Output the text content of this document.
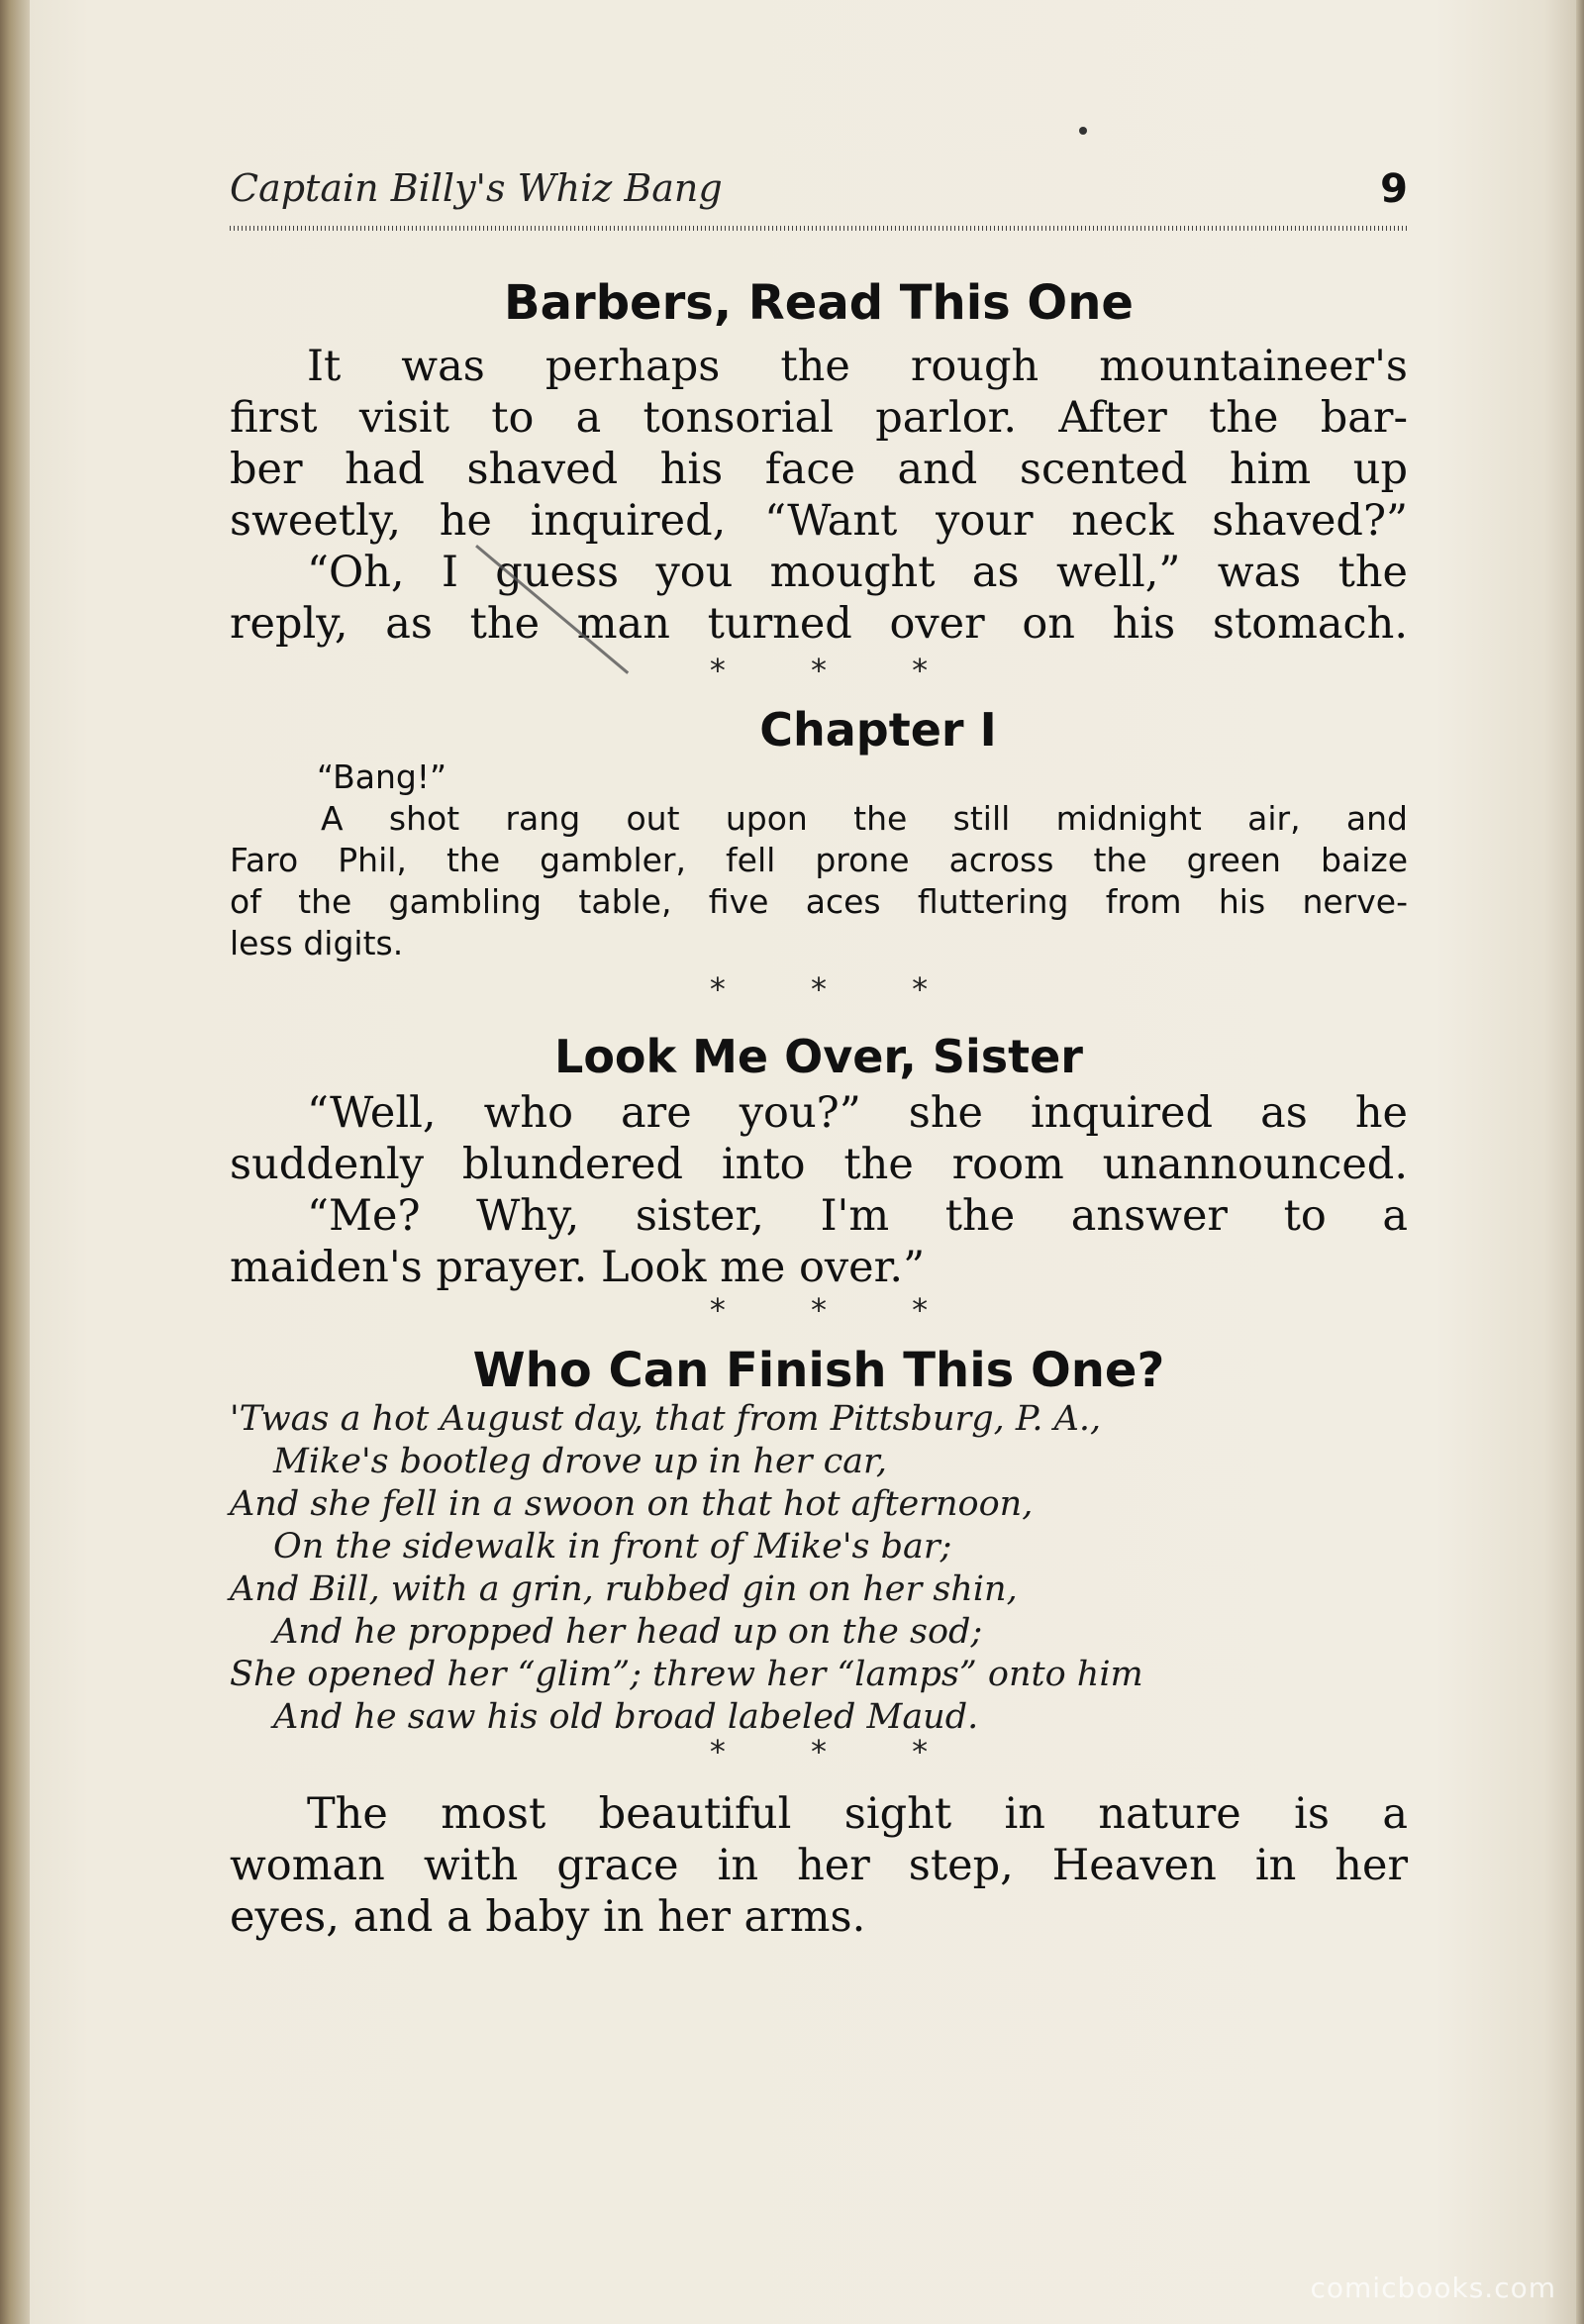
Captain Billy's Whiz Bang	9
Barbers, Read This One
It was perhaps the rough mountaineer's
first visit to a tonsorial parlor. After the bar-
ber had shaved his face and scented him up
sweetly, he inquired, “Want your neck shaved?”
“Oh, I guess you mought as well,” was the
reply, as the man turned over on his stomach.
* * *
Chapter I
“Bang!”
A shot rang out upon the still midnight air, and
Faro Phil, the gambler, fell prone across the green baize
of the gambling table, five aces fluttering from his nerve-
less digits.
* * *
Look Me Over, Sister
“Well, who are you?” she inquired as he
suddenly blundered into the room unannounced.
“Me? Why, sister, I'm the answer to a
maiden's prayer. Look me over.”
* * *
Who Can Finish This One?
'Twas a hot August day, that from Pittsburg, P. A.,
Mike's bootleg drove up in her car,
And she fell in a swoon on that hot afternoon,
On the sidewalk in front of Mike's bar;
And Bill, with a grin, rubbed gin on her shin,
And he propped her head up on the sod;
She opened her “glim”; threw her “lamps” onto him
And he saw his old broad labeled Maud.
* * *
The most beautiful sight in nature is a
woman with grace in her step, Heaven in her
eyes, and a baby in her arms.
comicbooks.com
